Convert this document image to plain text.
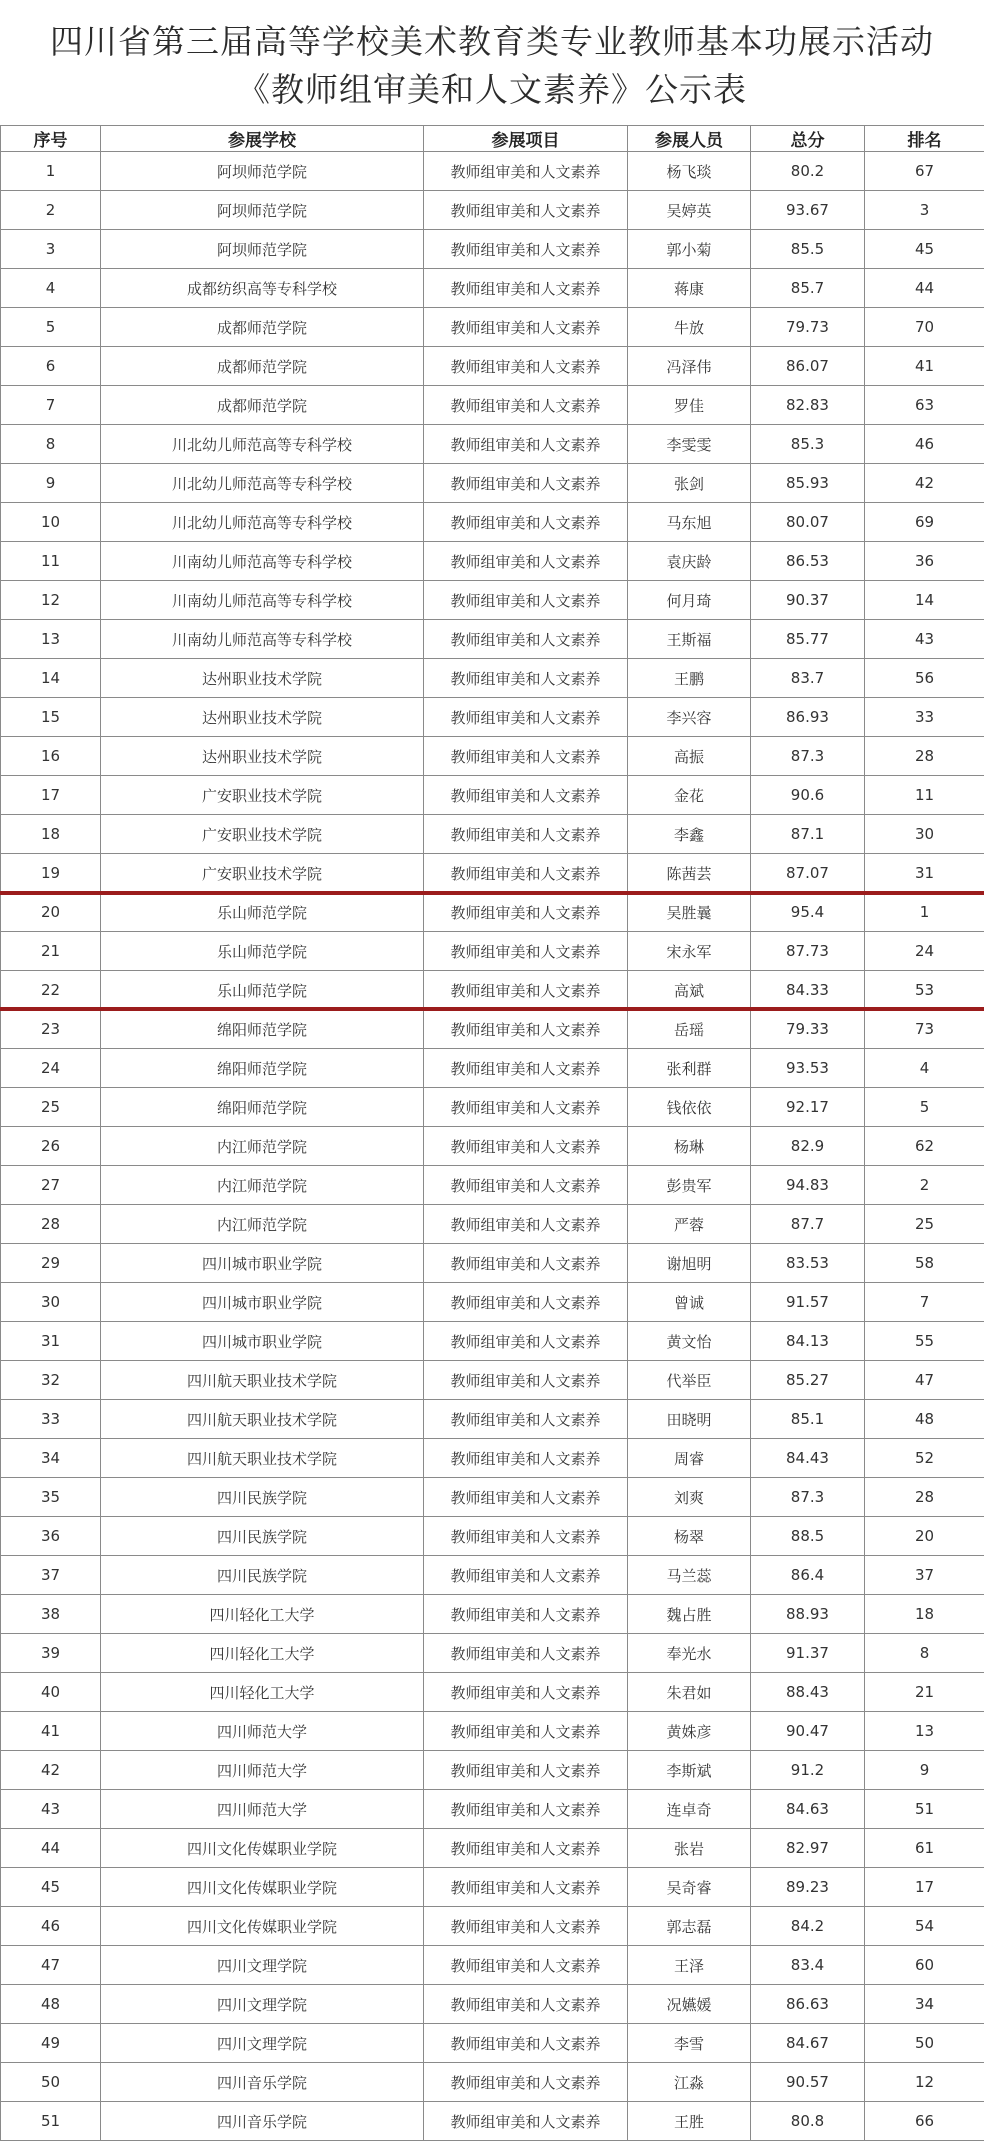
四川省第三届高等学校美术教育类专业教师基本功展示活动
《教师组审美和人文素养》公示表
序号	参展学校	参展项目	参展人员	总分	排名
1	阿坝师范学院	教师组审美和人文素养	杨飞琰	80.2	67
2	阿坝师范学院	教师组审美和人文素养	吴婷英	93.67	3
3	阿坝师范学院	教师组审美和人文素养	郭小菊	85.5	45
4	成都纺织高等专科学校	教师组审美和人文素养	蒋康	85.7	44
5	成都师范学院	教师组审美和人文素养	牛放	79.73	70
6	成都师范学院	教师组审美和人文素养	冯泽伟	86.07	41
7	成都师范学院	教师组审美和人文素养	罗佳	82.83	63
8	川北幼儿师范高等专科学校	教师组审美和人文素养	李雯雯	85.3	46
9	川北幼儿师范高等专科学校	教师组审美和人文素养	张剑	85.93	42
10	川北幼儿师范高等专科学校	教师组审美和人文素养	马东旭	80.07	69
11	川南幼儿师范高等专科学校	教师组审美和人文素养	袁庆龄	86.53	36
12	川南幼儿师范高等专科学校	教师组审美和人文素养	何月琦	90.37	14
13	川南幼儿师范高等专科学校	教师组审美和人文素养	王斯福	85.77	43
14	达州职业技术学院	教师组审美和人文素养	王鹏	83.7	56
15	达州职业技术学院	教师组审美和人文素养	李兴容	86.93	33
16	达州职业技术学院	教师组审美和人文素养	高振	87.3	28
17	广安职业技术学院	教师组审美和人文素养	金花	90.6	11
18	广安职业技术学院	教师组审美和人文素养	李鑫	87.1	30
19	广安职业技术学院	教师组审美和人文素养	陈茜芸	87.07	31
20	乐山师范学院	教师组审美和人文素养	吴胜曩	95.4	1
21	乐山师范学院	教师组审美和人文素养	宋永军	87.73	24
22	乐山师范学院	教师组审美和人文素养	高斌	84.33	53
23	绵阳师范学院	教师组审美和人文素养	岳瑶	79.33	73
24	绵阳师范学院	教师组审美和人文素养	张利群	93.53	4
25	绵阳师范学院	教师组审美和人文素养	钱依依	92.17	5
26	内江师范学院	教师组审美和人文素养	杨琳	82.9	62
27	内江师范学院	教师组审美和人文素养	彭贵军	94.83	2
28	内江师范学院	教师组审美和人文素养	严蓉	87.7	25
29	四川城市职业学院	教师组审美和人文素养	谢旭明	83.53	58
30	四川城市职业学院	教师组审美和人文素养	曾诚	91.57	7
31	四川城市职业学院	教师组审美和人文素养	黄文怡	84.13	55
32	四川航天职业技术学院	教师组审美和人文素养	代举臣	85.27	47
33	四川航天职业技术学院	教师组审美和人文素养	田晓明	85.1	48
34	四川航天职业技术学院	教师组审美和人文素养	周睿	84.43	52
35	四川民族学院	教师组审美和人文素养	刘爽	87.3	28
36	四川民族学院	教师组审美和人文素养	杨翠	88.5	20
37	四川民族学院	教师组审美和人文素养	马兰蕊	86.4	37
38	四川轻化工大学	教师组审美和人文素养	魏占胜	88.93	18
39	四川轻化工大学	教师组审美和人文素养	奉光水	91.37	8
40	四川轻化工大学	教师组审美和人文素养	朱君如	88.43	21
41	四川师范大学	教师组审美和人文素养	黄姝彦	90.47	13
42	四川师范大学	教师组审美和人文素养	李斯斌	91.2	9
43	四川师范大学	教师组审美和人文素养	连卓奇	84.63	51
44	四川文化传媒职业学院	教师组审美和人文素养	张岩	82.97	61
45	四川文化传媒职业学院	教师组审美和人文素养	吴奇睿	89.23	17
46	四川文化传媒职业学院	教师组审美和人文素养	郭志磊	84.2	54
47	四川文理学院	教师组审美和人文素养	王泽	83.4	60
48	四川文理学院	教师组审美和人文素养	况嬿媛	86.63	34
49	四川文理学院	教师组审美和人文素养	李雪	84.67	50
50	四川音乐学院	教师组审美和人文素养	江淼	90.57	12
51	四川音乐学院	教师组审美和人文素养	王胜	80.8	66
